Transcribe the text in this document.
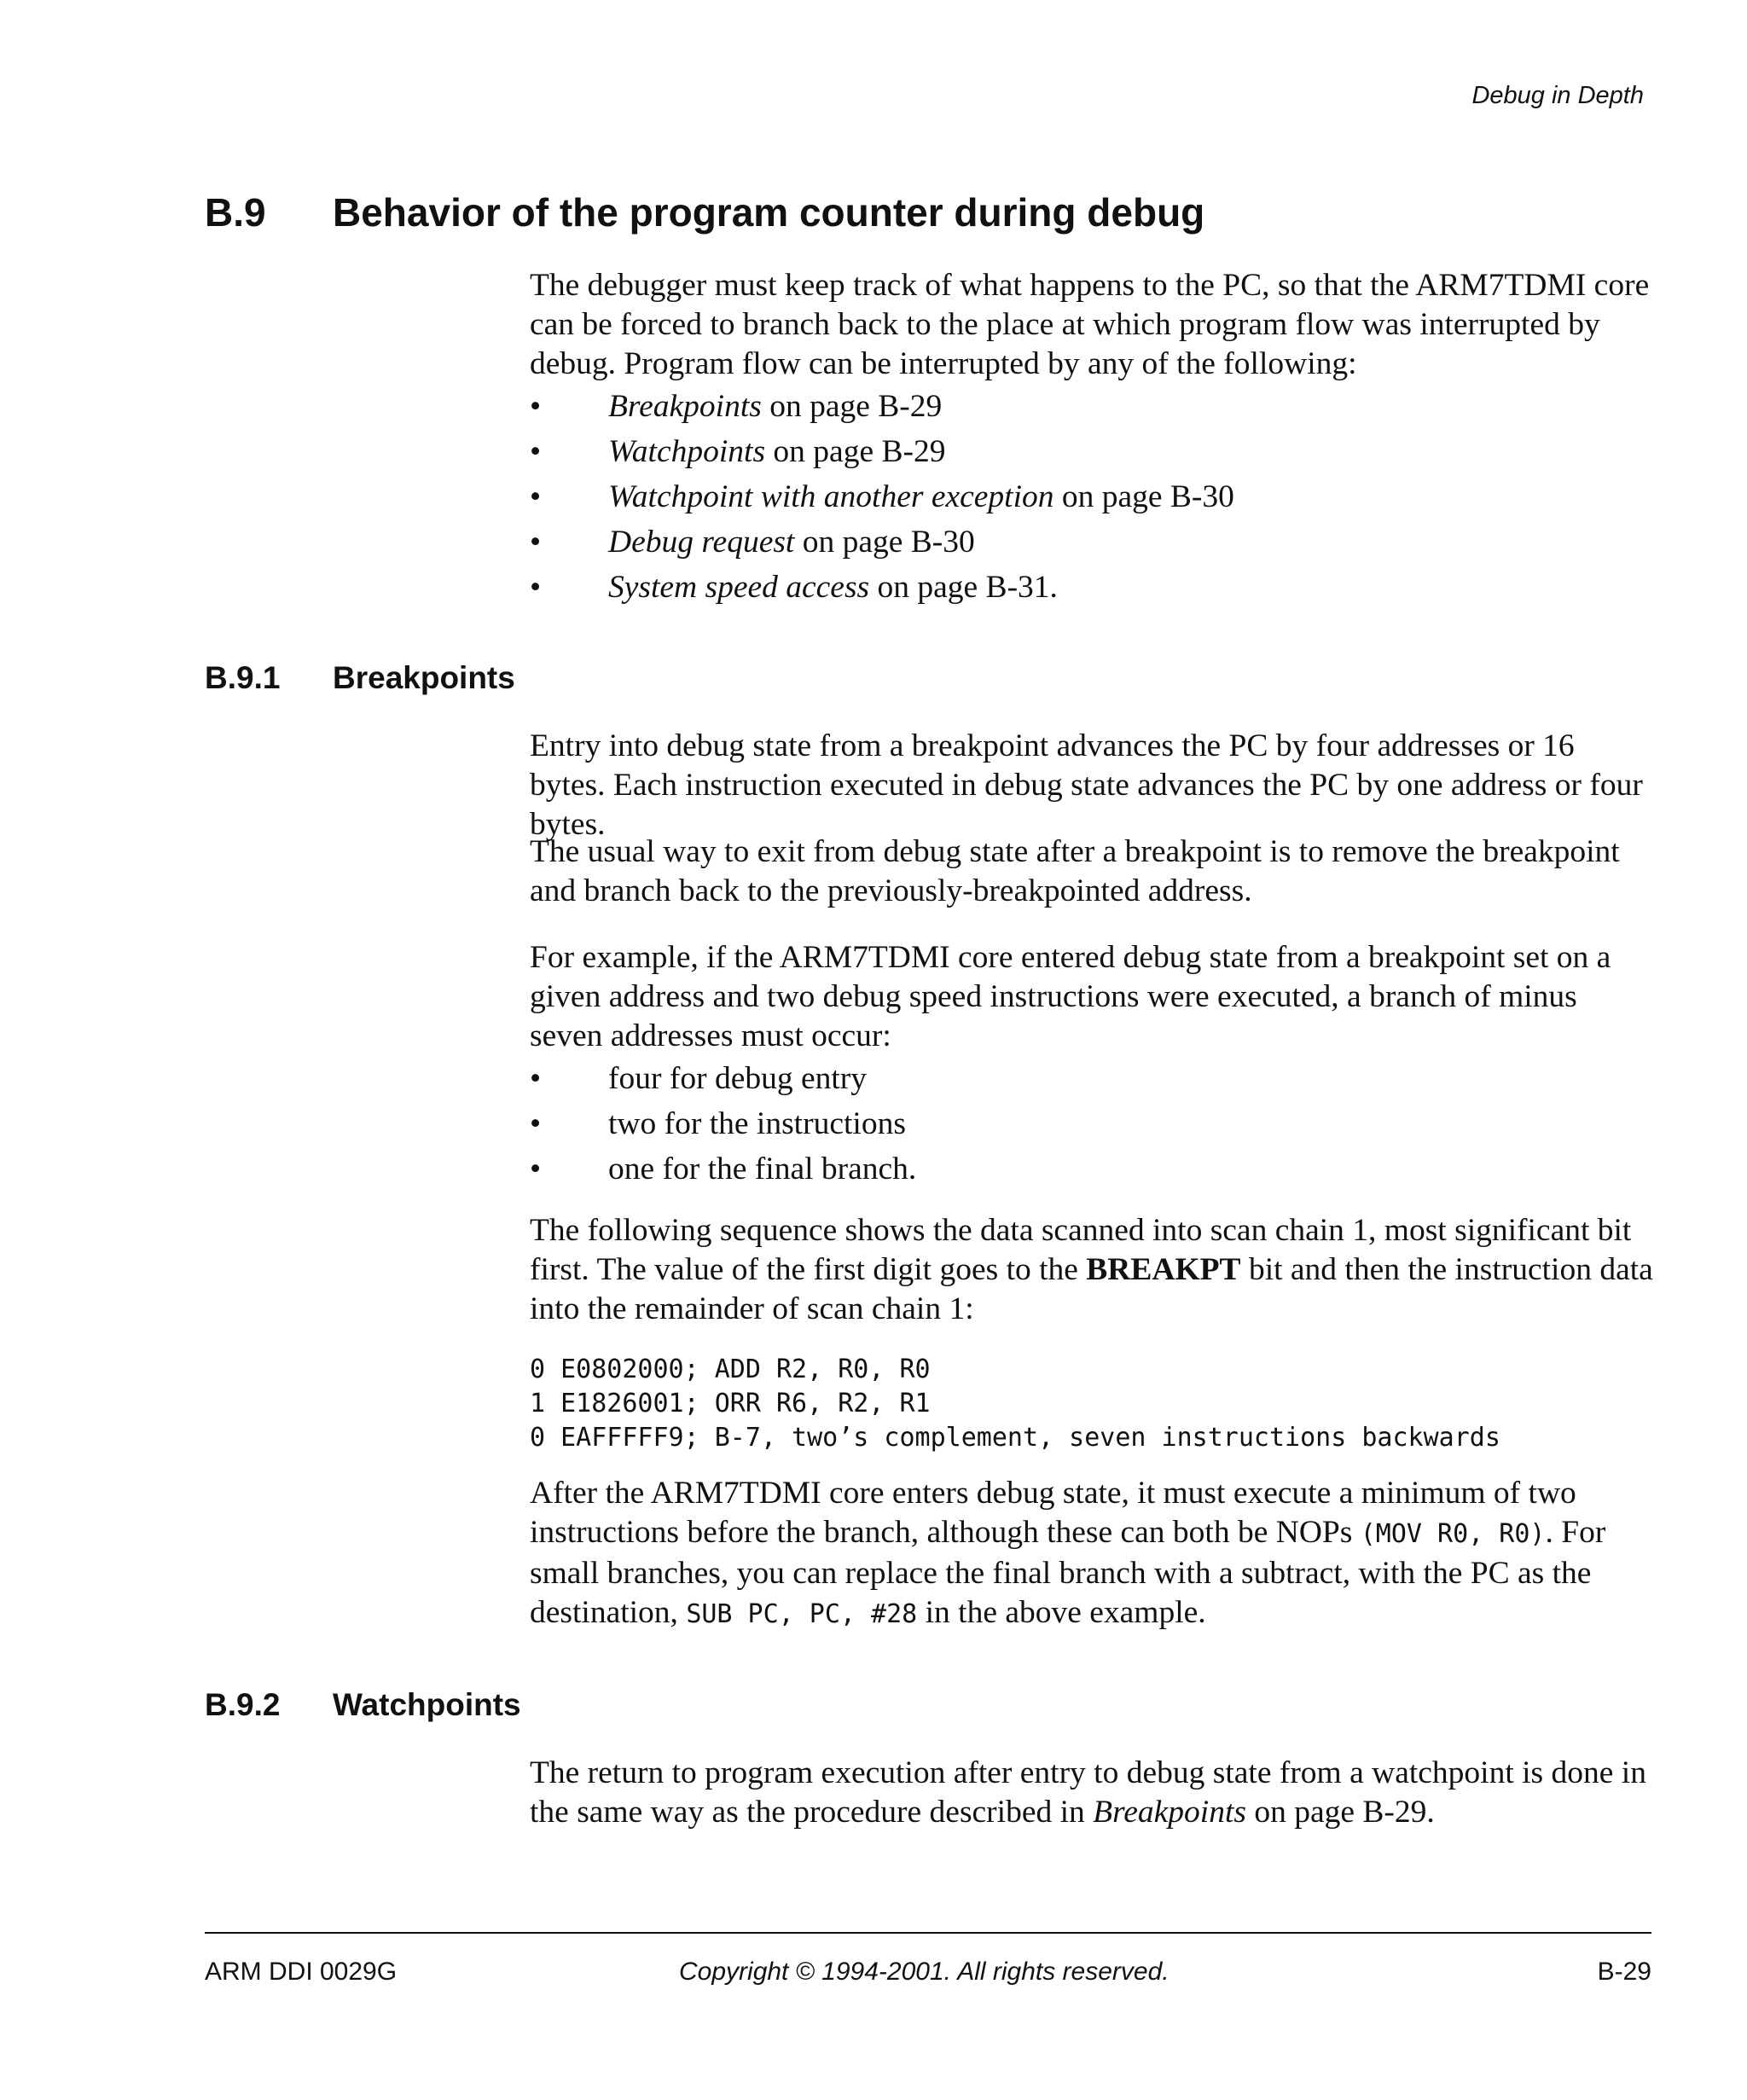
Debug in Depth
B.9 Behavior of the program counter during debug

The debugger must keep track of what happens to the PC, so that the ARM7TDMI core can be forced to branch back to the place at which program flow was interrupted by debug. Program flow can be interrupted by any of the following:

• Breakpoints on page B-29
• Watchpoints on page B-29
• Watchpoint with another exception on page B-30
• Debug request on page B-30
• System speed access on page B-31.
B.9.1 Breakpoints

Entry into debug state from a breakpoint advances the PC by four addresses or 16 bytes. Each instruction executed in debug state advances the PC by one address or four bytes.

The usual way to exit from debug state after a breakpoint is to remove the breakpoint and branch back to the previously-breakpointed address.

For example, if the ARM7TDMI core entered debug state from a breakpoint set on a given address and two debug speed instructions were executed, a branch of minus seven addresses must occur:

• four for debug entry
• two for the instructions
• one for the final branch.

The following sequence shows the data scanned into scan chain 1, most significant bit first. The value of the first digit goes to the BREAKPT bit and then the instruction data into the remainder of scan chain 1:

0 E0802000; ADD R2, R0, R0
1 E1826001; ORR R6, R2, R1
0 EAFFFFF9; B-7, two’s complement, seven instructions backwards

After the ARM7TDMI core enters debug state, it must execute a minimum of two instructions before the branch, although these can both be NOPs (MOV R0, R0). For small branches, you can replace the final branch with a subtract, with the PC as the destination, SUB PC, PC, #28 in the above example.

B.9.2 Watchpoints

The return to program execution after entry to debug state from a watchpoint is done in the same way as the procedure described in Breakpoints on page B-29.

ARM DDI 0029G	Copyright © 1994-2001. All rights reserved.	B-29
